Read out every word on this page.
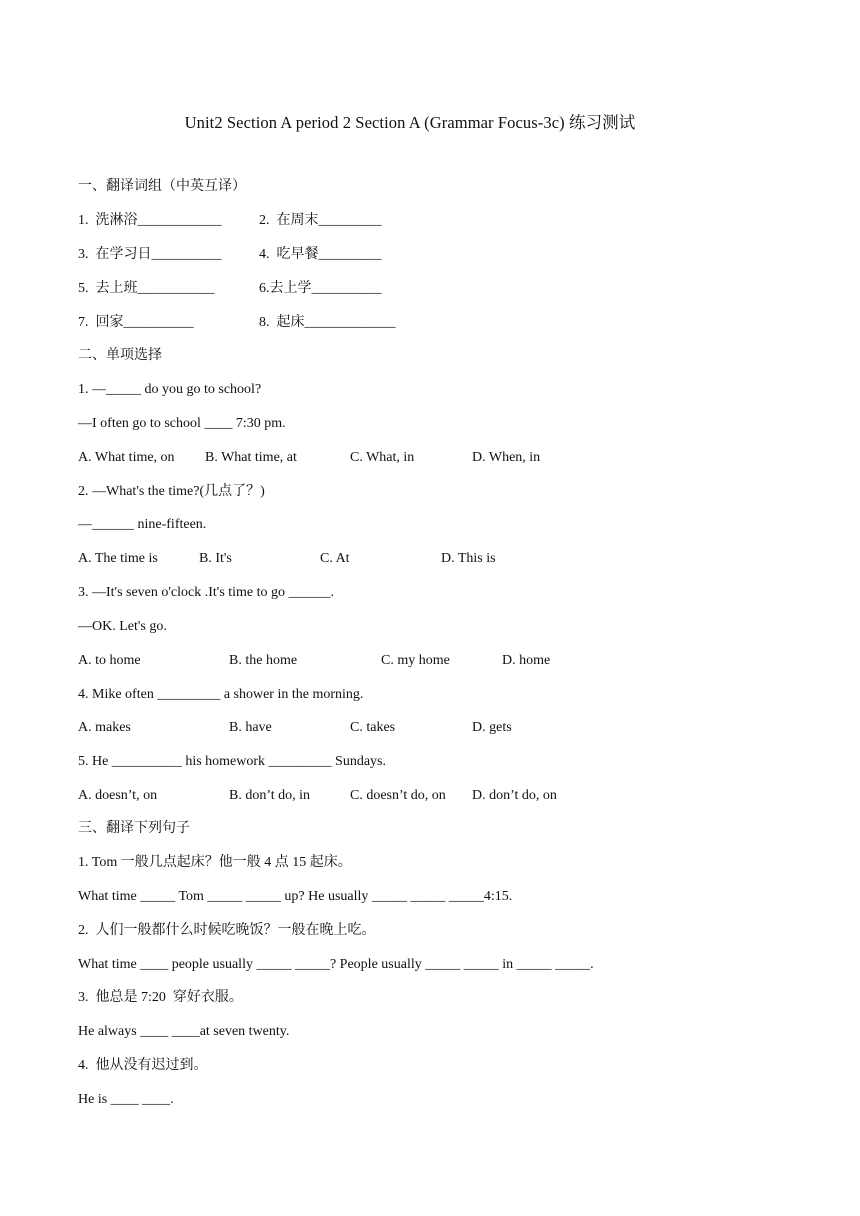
Unit2 Section A period 2 Section A (Grammar Focus-3c) 练习测试
一、翻译词组（中英互译）
1.  洗淋浴____________	2.  在周末_________
3.  在学习日__________	4.  吃早餐_________
5.  去上班___________	6.去上学__________
7.  回家__________	8.  起床_____________
二、单项选择
1. —_____ do you go to school?
—I often go to school ____ 7:30 pm.
A. What time, on B. What time, at	C. What, in	D. When, in
2. —What's the time?(几点了？)
—______ nine-fifteen.
A. The time is	B. It's	C. At	D. This is
3. —It's seven o'clock .It's time to go ______.
—OK. Let's go.
A. to home	B. the home	C. my home	D. home
4. Mike often _________ a shower in the morning.
A. makes	B. have	C. takes	D. gets
5. He __________ his homework _________ Sundays.
A. doesn’t, on	B. don’t do, in	C. doesn’t do, on D. don’t do, on
三、翻译下列句子
1. Tom 一般几点起床？他一般 4 点 15 起床。
What time _____ Tom _____ _____ up? He usually _____ _____ _____4:15.
2.  人们一般都什么时候吃晚饭？一般在晚上吃。
What time ____ people usually _____ _____? People usually _____ _____ in _____ _____.
3.  他总是 7:20  穿好衣服。
He always ____ ____at seven twenty.
4.  他从没有迟过到。
He is ____ ____.
